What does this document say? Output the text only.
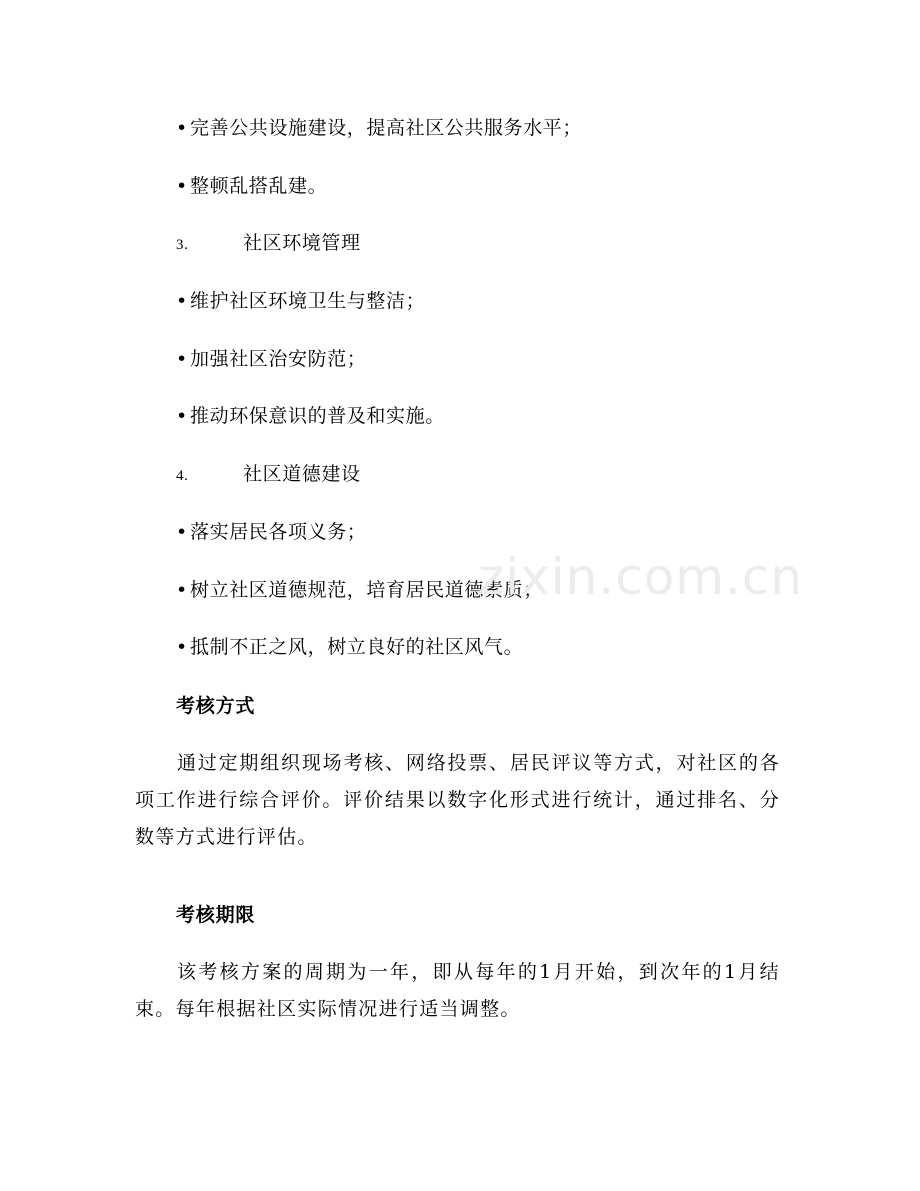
• 完善公共设施建设，提高社区公共服务水平；
• 整顿乱搭乱建。
3.	社区环境管理
• 维护社区环境卫生与整洁；
• 加强社区治安防范；
• 推动环保意识的普及和实施。
4.	社区道德建设
• 落实居民各项义务；
• 树立社区道德规范，培育居民道德素质；
• 抵制不正之风，树立良好的社区风气。
考核方式
通过定期组织现场考核、网络投票、居民评议等方式，对社区的各项工作进行综合评价。评价结果以数字化形式进行统计，通过排名、分数等方式进行评估。
考核期限
该考核方案的周期为一年，即从每年的1月开始，到次年的1月结束。每年根据社区实际情况进行适当调整。
zixin.com.cn
